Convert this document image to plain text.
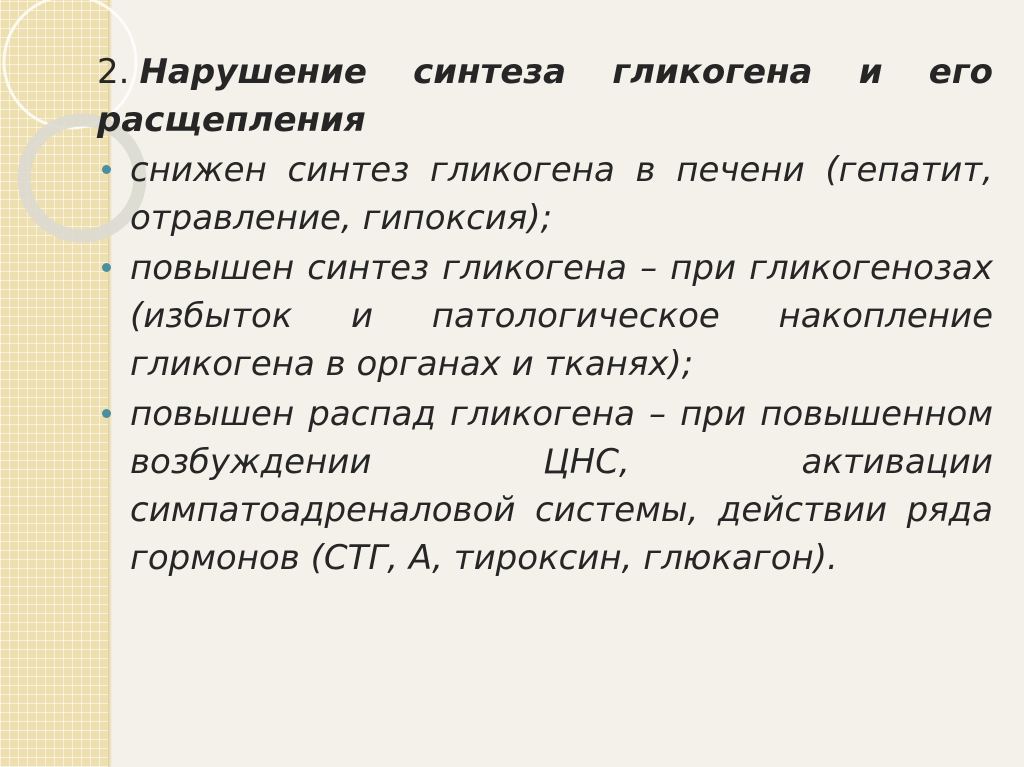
2. Нарушение синтеза гликогена и его расщепления
снижен синтез гликогена в печени (гепатит, отравление, гипоксия);
повышен синтез гликогена – при гликогенозах (избыток и патологическое накопление гликогена в органах и тканях);
повышен распад гликогена – при повышенном возбуждении ЦНС, активации симпатоадреналовой системы, действии ряда гормонов (СТГ, А, тироксин, глюкагон).
